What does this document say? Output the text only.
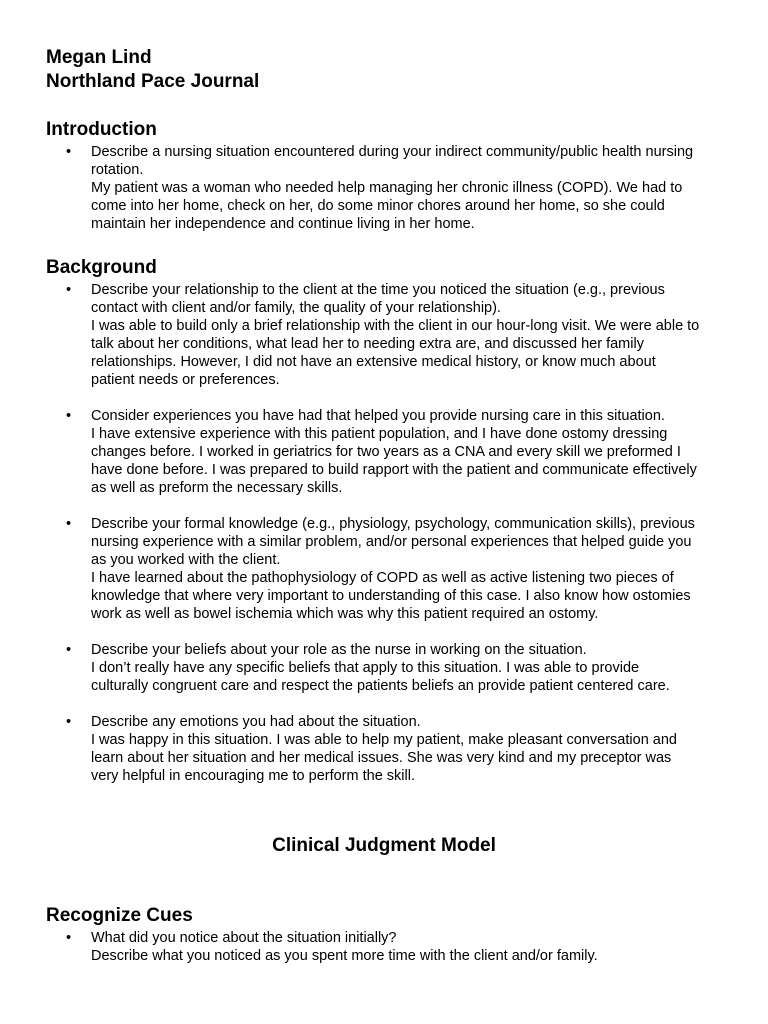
Megan Lind
Northland Pace Journal
Introduction
• Describe a nursing situation encountered during your indirect community/public health nursing
rotation.
My patient was a woman who needed help managing her chronic illness (COPD). We had to
come into her home, check on her, do some minor chores around her home, so she could
maintain her independence and continue living in her home.
Background
• Describe your relationship to the client at the time you noticed the situation (e.g., previous
contact with client and/or family, the quality of your relationship).
I was able to build only a brief relationship with the client in our hour-long visit. We were able to
talk about her conditions, what lead her to needing extra are, and discussed her family
relationships. However, I did not have an extensive medical history, or know much about
patient needs or preferences.
• Consider experiences you have had that helped you provide nursing care in this situation.
I have extensive experience with this patient population, and I have done ostomy dressing
changes before. I worked in geriatrics for two years as a CNA and every skill we preformed I
have done before. I was prepared to build rapport with the patient and communicate effectively
as well as preform the necessary skills.
• Describe your formal knowledge (e.g., physiology, psychology, communication skills), previous
nursing experience with a similar problem, and/or personal experiences that helped guide you
as you worked with the client.
I have learned about the pathophysiology of COPD as well as active listening two pieces of
knowledge that where very important to understanding of this case. I also know how ostomies
work as well as bowel ischemia which was why this patient required an ostomy.
• Describe your beliefs about your role as the nurse in working on the situation.
I don’t really have any specific beliefs that apply to this situation. I was able to provide
culturally congruent care and respect the patients beliefs an provide patient centered care.
• Describe any emotions you had about the situation.
I was happy in this situation. I was able to help my patient, make pleasant conversation and
learn about her situation and her medical issues. She was very kind and my preceptor was
very helpful in encouraging me to perform the skill.
Clinical Judgment Model
Recognize Cues
• What did you notice about the situation initially?
Describe what you noticed as you spent more time with the client and/or family.
